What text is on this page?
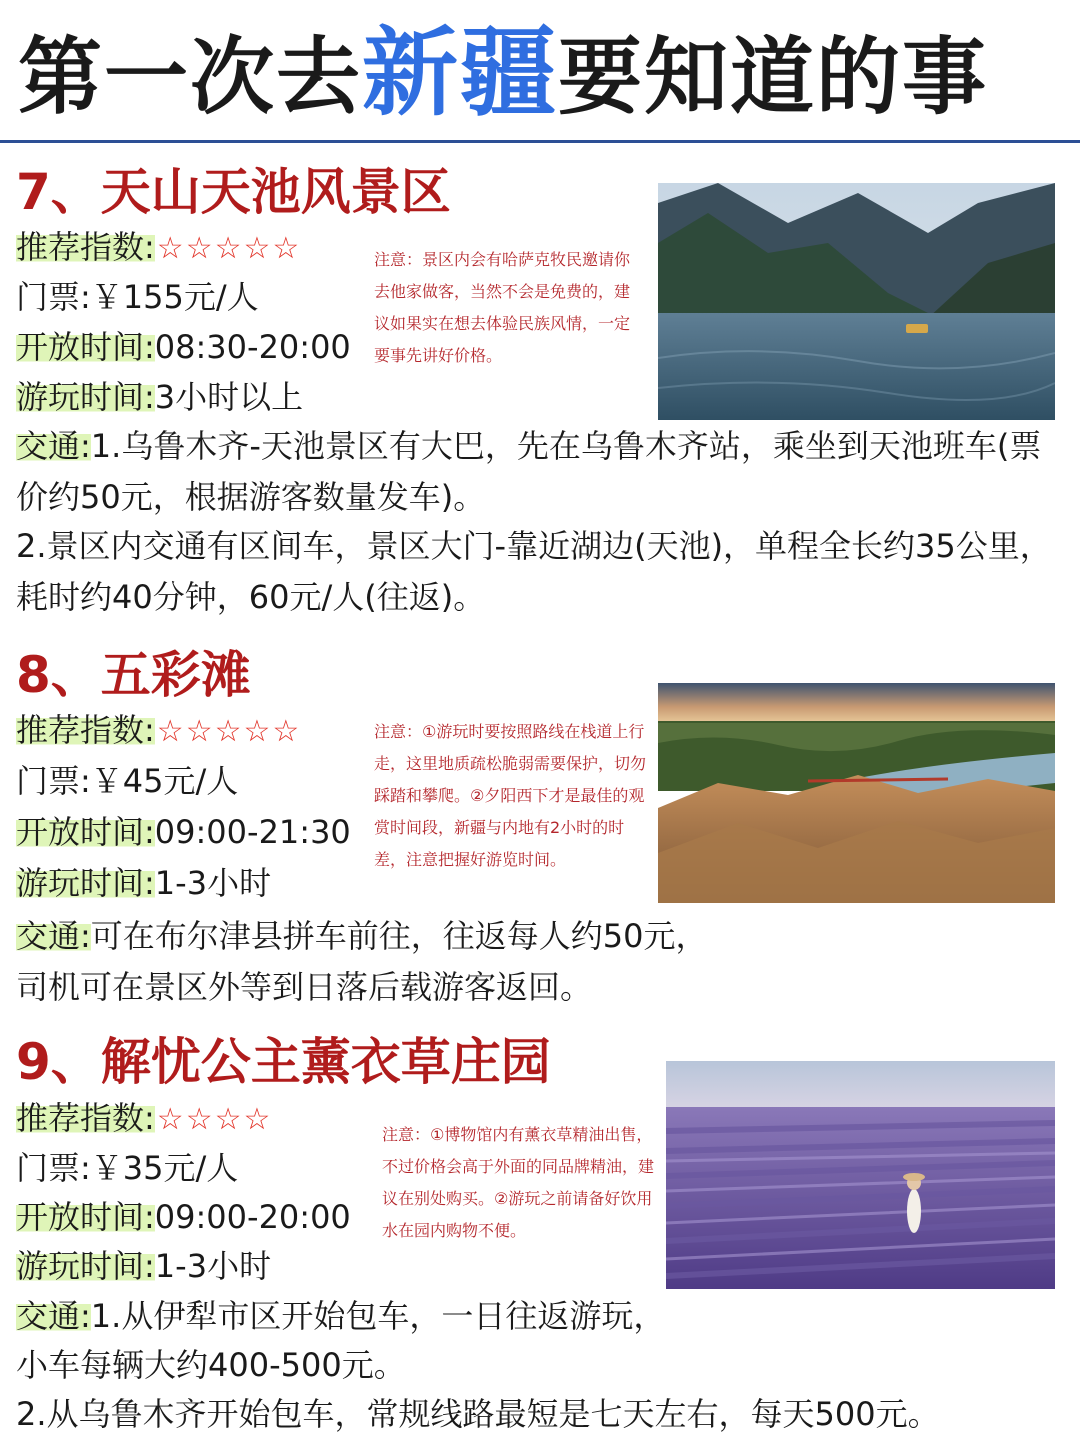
第一次去新疆要知道的事
7、天山天池风景区
推荐指数:☆☆☆☆☆
门票:￥155元/人
开放时间:08:30-20:00
游玩时间:3小时以上
注意：景区内会有哈萨克牧民邀请你去他家做客，当然不会是免费的，建议如果实在想去体验民族风情，一定要事先讲好价格。
交通:1.乌鲁木齐-天池景区有大巴，先在乌鲁木齐站，乘坐到天池班车(票价约50元，根据游客数量发车)。
2.景区内交通有区间车，景区大门-靠近湖边(天池)，单程全长约35公里，耗时约40分钟，60元/人(往返)。
8、五彩滩
推荐指数:☆☆☆☆☆
门票:￥45元/人
开放时间:09:00-21:30
游玩时间:1-3小时
注意：①游玩时要按照路线在栈道上行走，这里地质疏松脆弱需要保护，切勿踩踏和攀爬。②夕阳西下才是最佳的观赏时间段，新疆与内地有2小时的时差，注意把握好游览时间。
交通:可在布尔津县拼车前往，往返每人约50元，
司机可在景区外等到日落后载游客返回。
9、解忧公主薰衣草庄园
推荐指数:☆☆☆☆
门票:￥35元/人
开放时间:09:00-20:00
游玩时间:1-3小时
注意：①博物馆内有薰衣草精油出售，不过价格会高于外面的同品牌精油，建议在别处购买。②游玩之前请备好饮用水在园内购物不便。
交通:1.从伊犁市区开始包车，一日往返游玩，
小车每辆大约400-500元。
2.从乌鲁木齐开始包车，常规线路最短是七天左右，每天500元。
